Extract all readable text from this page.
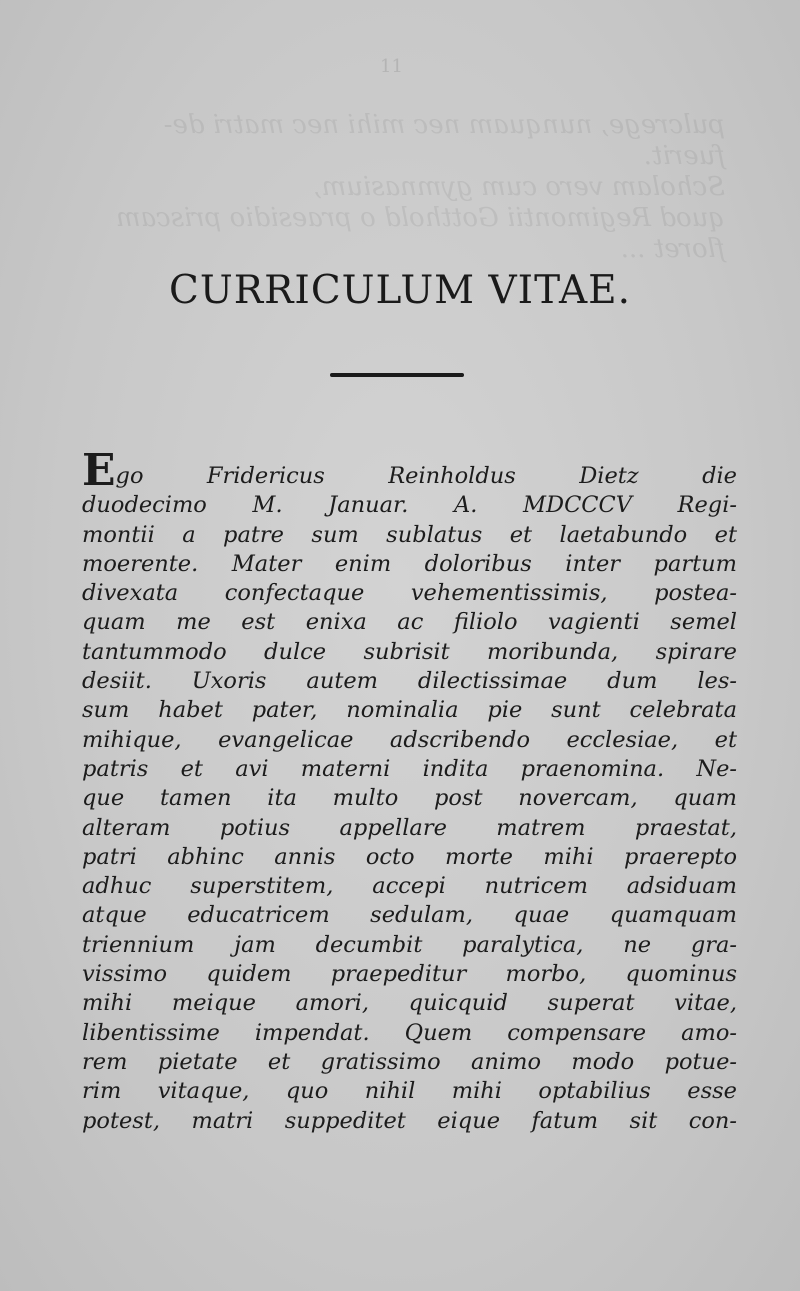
pulcrege, nunquam nec mihi nec matri de-
fuerit.
Scholam vero cum gymnasium,
quod Regimontii Gotthold o praesidio priscam
floret ...
11
CURRICULUM VITAE.
Ego Fridericus Reinholdus Dietz die
duodecimo M. Januar. A. MDCCCV Regi-
montii a patre sum sublatus et laetabundo et
moerente. Mater enim doloribus inter partum
divexata confectaque vehementissimis, postea-
quam me est enixa ac filiolo vagienti semel
tantummodo dulce subrisit moribunda, spirare
desiit. Uxoris autem dilectissimae dum les-
sum habet pater, nominalia pie sunt celebrata
mihique, evangelicae adscribendo ecclesiae, et
patris et avi materni indita praenomina. Ne-
que tamen ita multo post novercam, quam
alteram potius appellare matrem praestat,
patri abhinc annis octo morte mihi praerepto
adhuc superstitem, accepi nutricem adsiduam
atque educatricem sedulam, quae quamquam
triennium jam decumbit paralytica, ne gra-
vissimo quidem praepeditur morbo, quominus
mihi meique amori, quicquid superat vitae,
libentissime impendat. Quem compensare amo-
rem pietate et gratissimo animo modo potue-
rim vitaque, quo nihil mihi optabilius esse
potest, matri suppeditet eique fatum sit con-
